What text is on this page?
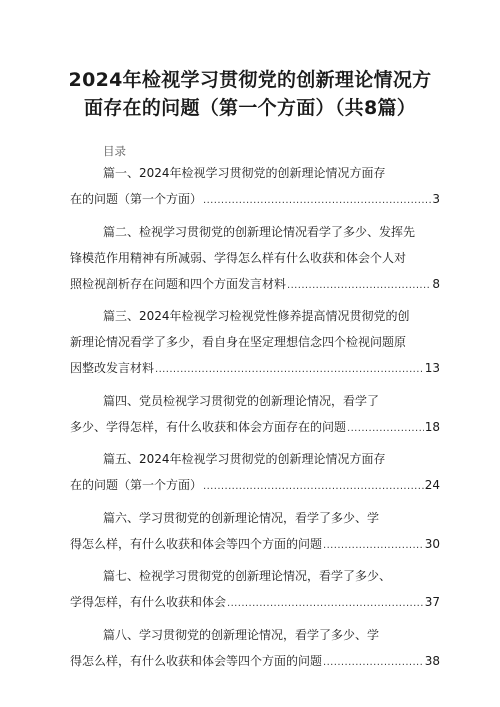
2024年检视学习贯彻党的创新理论情况方
面存在的问题（第一个方面）（共8篇）
目录
篇一、2024年检视学习贯彻党的创新理论情况方面存
在的问题（第一个方面） .....	3
篇二、检视学习贯彻党的创新理论情况看学了多少、发挥先
锋模范作用精神有所减弱、学得怎么样有什么收获和体会个人对
照检视剖析存在问题和四个方面发言材料 .....	8
篇三、2024年检视学习检视党性修养提高情况贯彻党的创
新理论情况看学了多少，看自身在坚定理想信念四个检视问题原
因整改发言材料 .....	13
篇四、党员检视学习贯彻党的创新理论情况，看学了
多少、学得怎样，有什么收获和体会方面存在的问题 .....	18
篇五、2024年检视学习贯彻党的创新理论情况方面存
在的问题（第一个方面） .....	24
篇六、学习贯彻党的创新理论情况，看学了多少、学
得怎么样，有什么收获和体会等四个方面的问题 .....	30
篇七、检视学习贯彻党的创新理论情况，看学了多少、
学得怎样，有什么收获和体会 .....	37
篇八、学习贯彻党的创新理论情况，看学了多少、学
得怎么样，有什么收获和体会等四个方面的问题 .....	38
